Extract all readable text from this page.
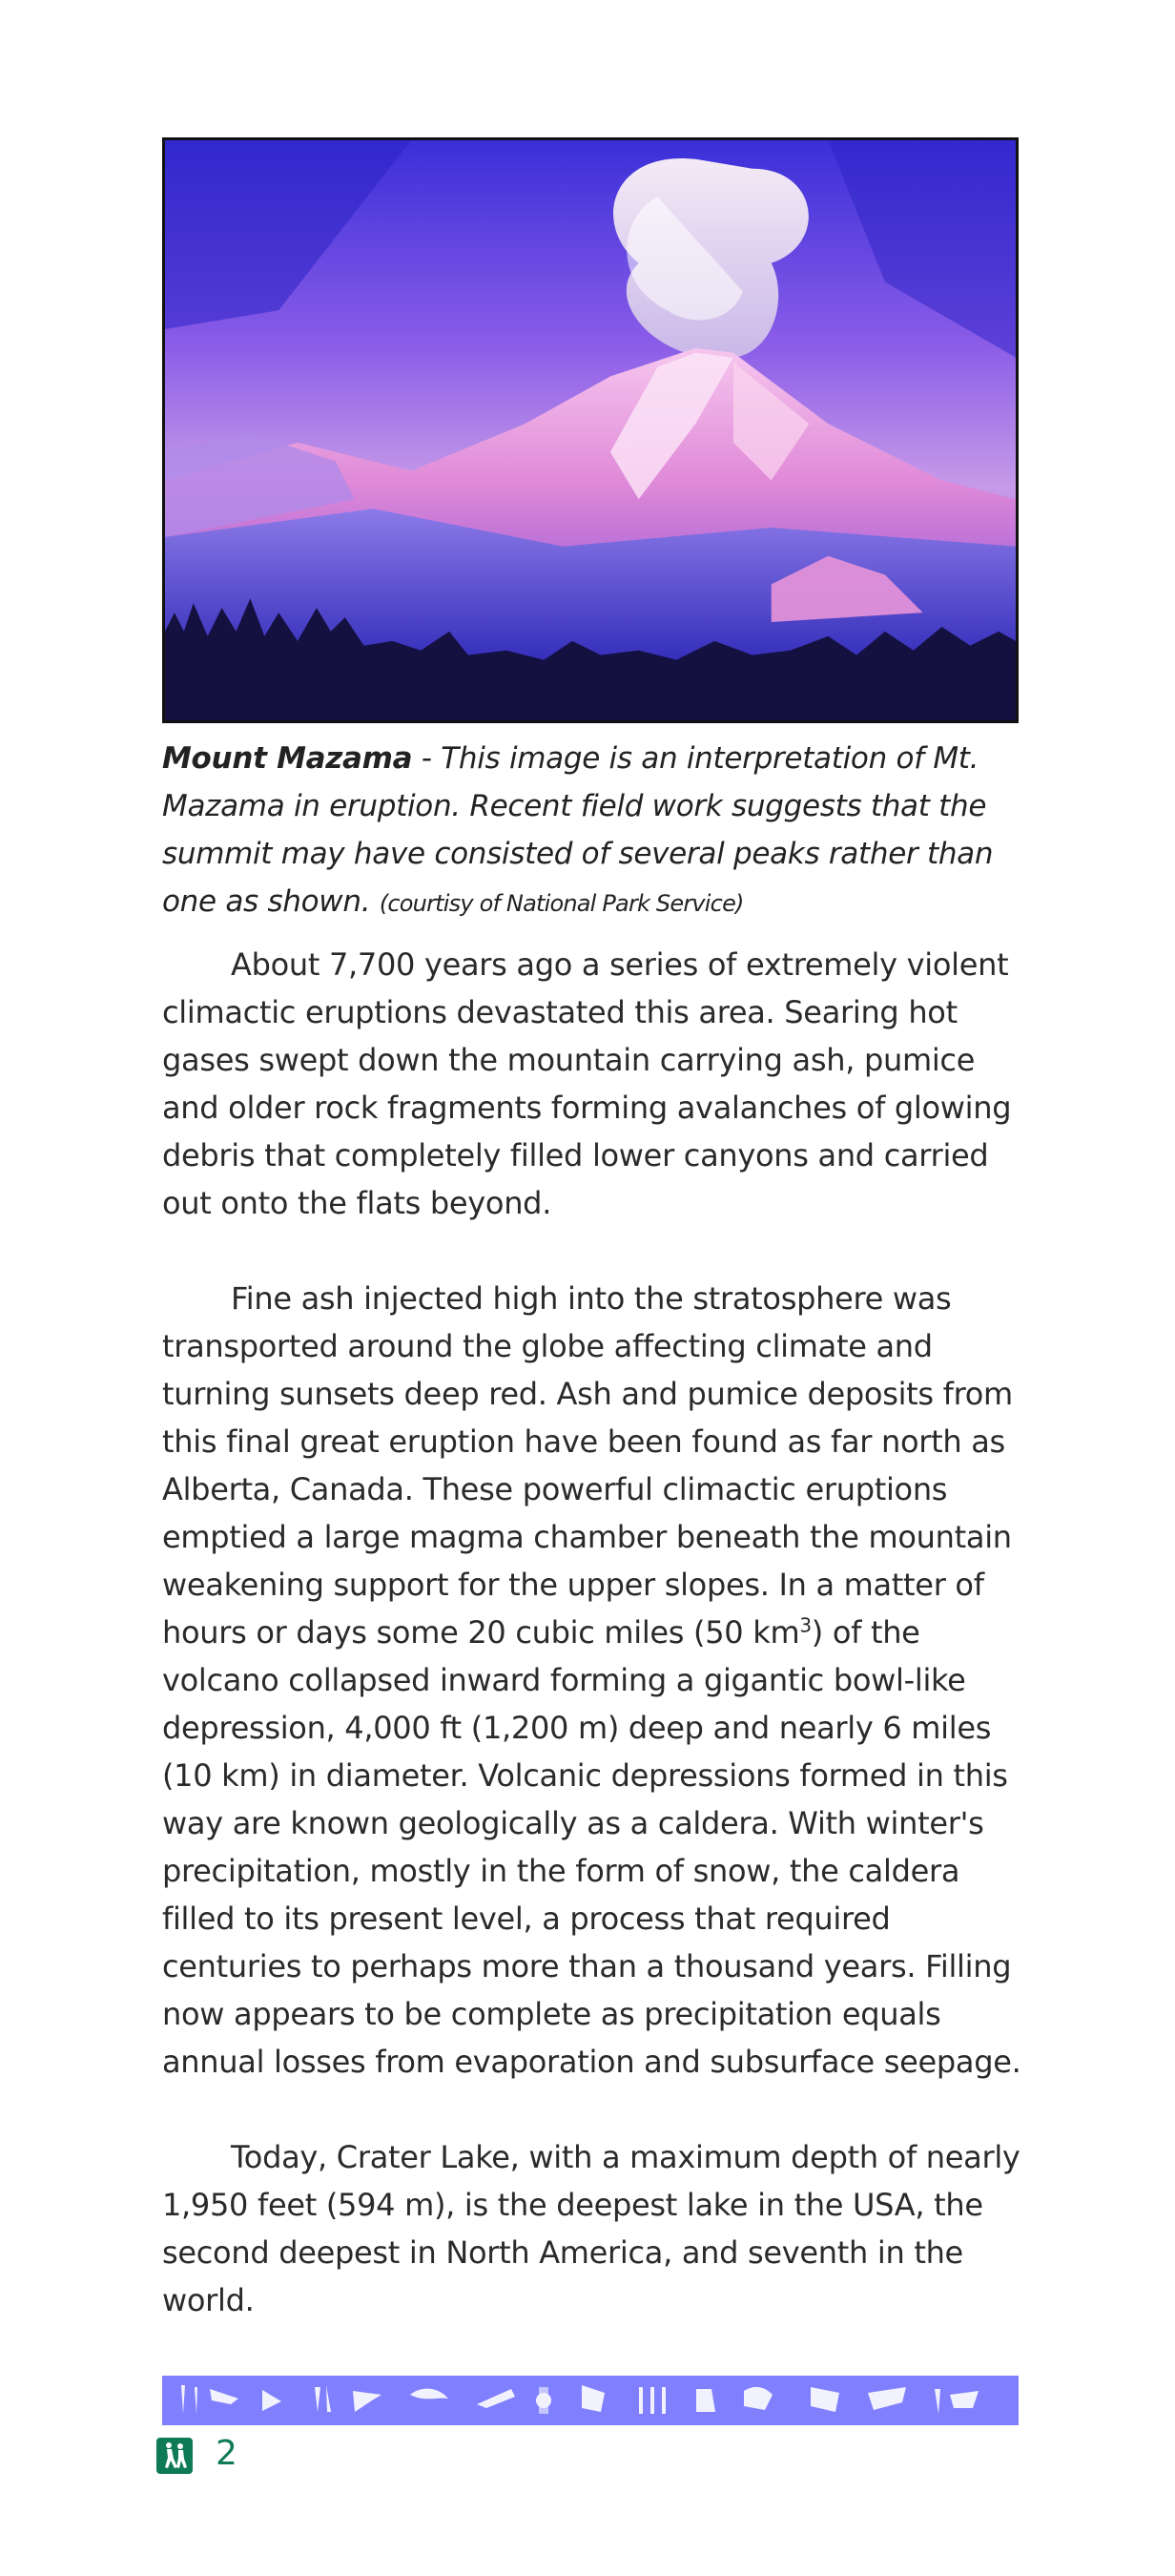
Mount Mazama - This image is an interpretation of Mt. Mazama in eruption. Recent field work suggests that the summit may have consisted of several peaks rather than one as shown. (courtisy of National Park Service)

About 7,700 years ago a series of extremely violent climactic eruptions devastated this area. Searing hot gases swept down the mountain carrying ash, pumice and older rock fragments forming avalanches of glowing debris that completely filled lower canyons and carried out onto the flats beyond.

Fine ash injected high into the stratosphere was transported around the globe affecting climate and turning sunsets deep red. Ash and pumice deposits from this final great eruption have been found as far north as Alberta, Canada. These powerful climactic eruptions emptied a large magma chamber beneath the mountain weakening support for the upper slopes. In a matter of hours or days some 20 cubic miles (50 $km^3$) of the volcano collapsed inward forming a gigantic bowl-like depression, 4,000 ft (1,200 m) deep and nearly 6 miles (10 km) in diameter. Volcanic depressions formed in this way are known geologically as a caldera. With winter's precipitation, mostly in the form of snow, the caldera filled to its present level, a process that required centuries to perhaps more than a thousand years. Filling now appears to be complete as precipitation equals annual losses from evaporation and subsurface seepage.

Today, Crater Lake, with a maximum depth of nearly 1,950 feet (594 m), is the deepest lake in the USA, the second deepest in North America, and seventh in the world.

2
